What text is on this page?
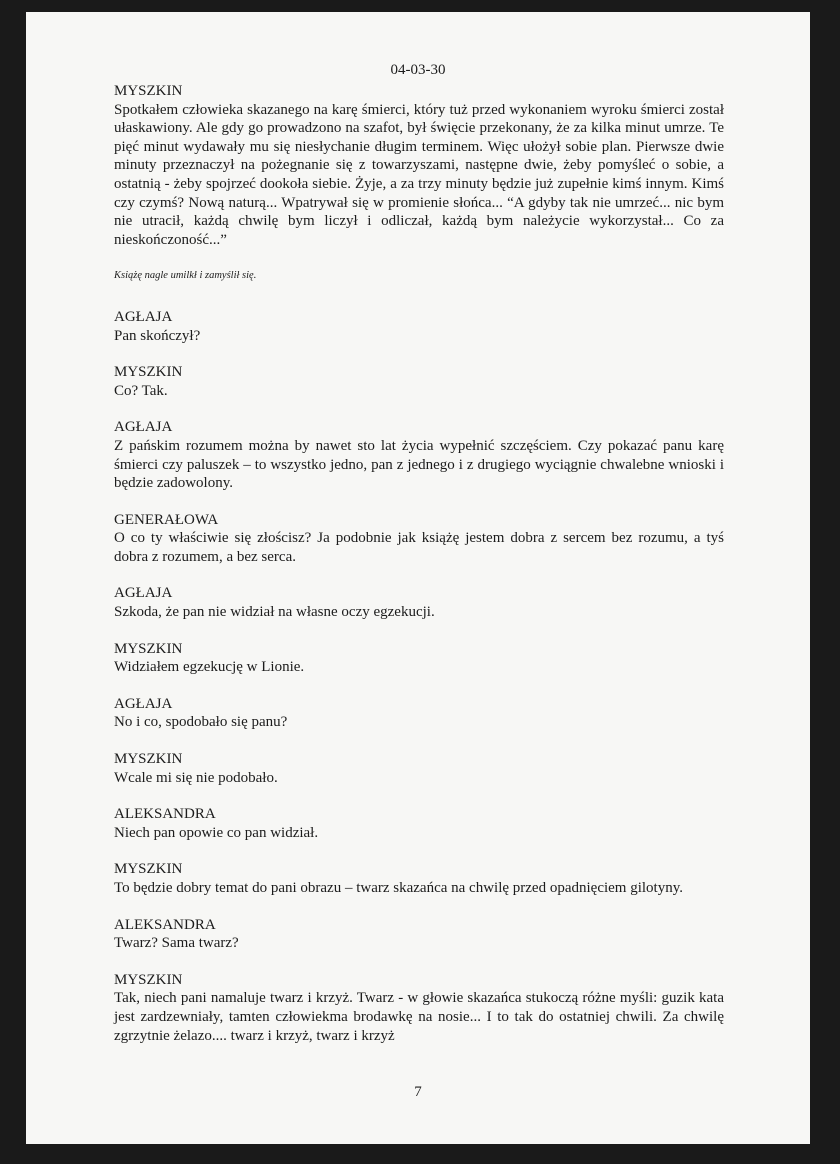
04-03-30
MYSZKIN
Spotkałem człowieka skazanego na karę śmierci, który tuż przed wykonaniem wyroku śmierci został ułaskawiony. Ale gdy go prowadzono na szafot, był święcie przekonany, że za kilka minut umrze. Te pięć minut wydawały mu się niesłychanie długim terminem. Więc ułożył sobie plan. Pierwsze dwie minuty przeznaczył na pożegnanie się z towarzyszami, następne dwie, żeby pomyśleć o sobie, a ostatnią - żeby spojrzeć dookoła siebie. Żyje, a za trzy minuty będzie już zupełnie kimś innym. Kimś czy czymś? Nową naturą... Wpatrywał się w promienie słońca... “A gdyby tak nie umrzeć... nic bym nie utracił, każdą chwilę bym liczył i odliczał, każdą bym należycie wykorzystał... Co za nieskończoność...”
Książę nagle umilkł i zamyślił się.
AGŁAJA
Pan skończył?
MYSZKIN
Co? Tak.
AGŁAJA
Z pańskim rozumem można by nawet sto lat życia wypełnić szczęściem. Czy pokazać panu karę śmierci czy paluszek – to wszystko jedno, pan z jednego i z drugiego wyciągnie chwalebne wnioski i będzie zadowolony.
GENERAŁOWA
O co ty właściwie się złościsz? Ja podobnie jak książę jestem dobra z sercem bez rozumu, a tyś dobra z rozumem, a bez serca.
AGŁAJA
Szkoda, że pan nie widział na własne oczy egzekucji.
MYSZKIN
Widziałem egzekucję w Lionie.
AGŁAJA
No i co, spodobało się panu?
MYSZKIN
Wcale mi się nie podobało.
ALEKSANDRA
Niech pan opowie co pan widział.
MYSZKIN
To będzie dobry temat do pani obrazu – twarz skazańca na chwilę przed opadnięciem gilotyny.
ALEKSANDRA
Twarz? Sama twarz?
MYSZKIN
Tak, niech pani namaluje twarz i krzyż. Twarz - w głowie skazańca stukoczą różne myśli: guzik kata jest zardzewniały, tamten człowiekma brodawkę na nosie... I to tak do ostatniej chwili. Za chwilę zgrzytnie żelazo.... twarz i krzyż, twarz i krzyż
7
